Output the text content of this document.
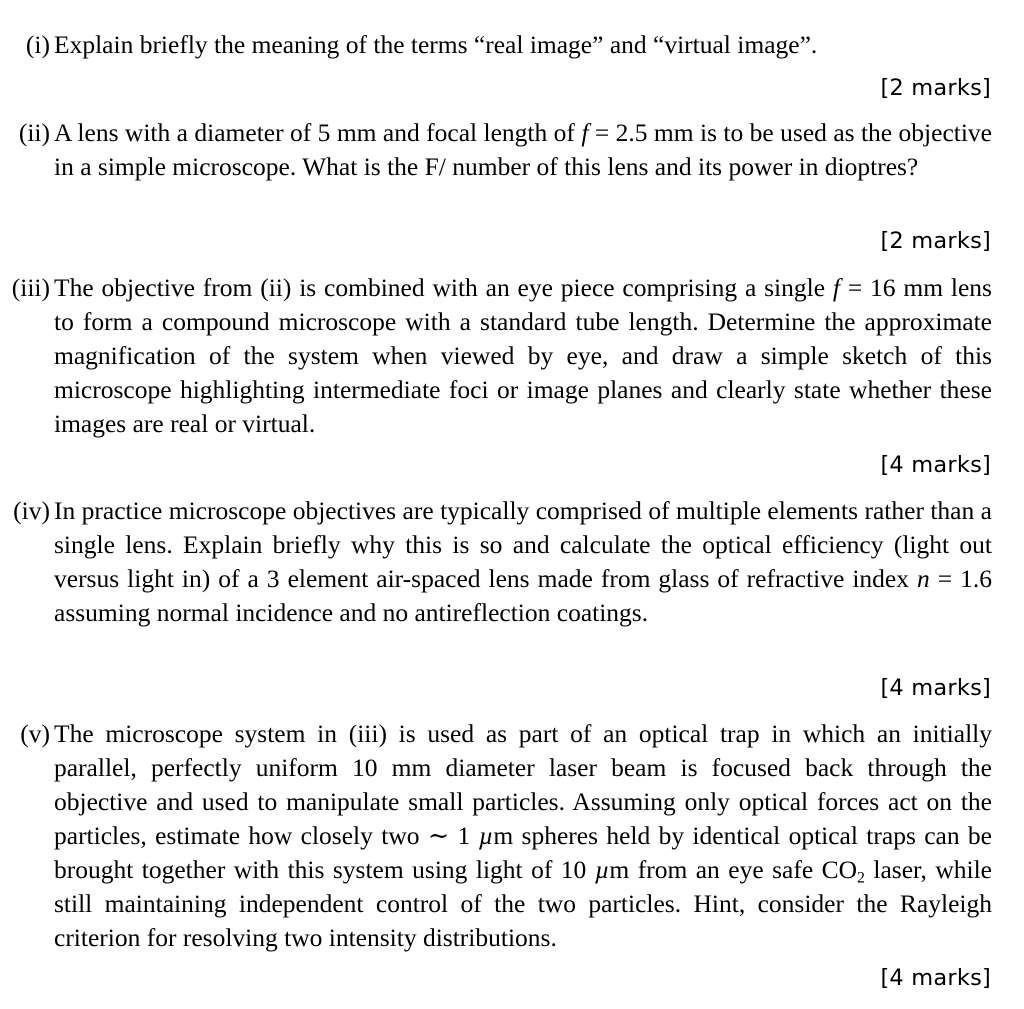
(i) Explain briefly the meaning of the terms “real image” and “virtual image”.
[2 marks]
(ii) A lens with a diameter of 5 mm and focal length of f = 2.5 mm is to be used as the objective in a simple microscope. What is the F/ number of this lens and its power in dioptres?
[2 marks]
(iii) The objective from (ii) is combined with an eye piece comprising a single f = 16 mm lens to form a compound microscope with a standard tube length. Determine the approximate magnification of the system when viewed by eye, and draw a simple sketch of this microscope highlighting intermediate foci or image planes and clearly state whether these images are real or virtual.
[4 marks]
(iv) In practice microscope objectives are typically comprised of multiple elements rather than a single lens. Explain briefly why this is so and calculate the optical efficiency (light out versus light in) of a 3 element air-spaced lens made from glass of refractive index n = 1.6 assuming normal incidence and no antireflection coatings.
[4 marks]
(v) The microscope system in (iii) is used as part of an optical trap in which an initially parallel, perfectly uniform 10 mm diameter laser beam is focused back through the objective and used to manipulate small particles. Assuming only optical forces act on the particles, estimate how closely two ∼ 1 µm spheres held by identical optical traps can be brought together with this system using light of 10 µm from an eye safe $CO_2$ laser, while still maintaining independent control of the two particles. Hint, consider the Rayleigh criterion for resolving two intensity distributions.
[4 marks]
